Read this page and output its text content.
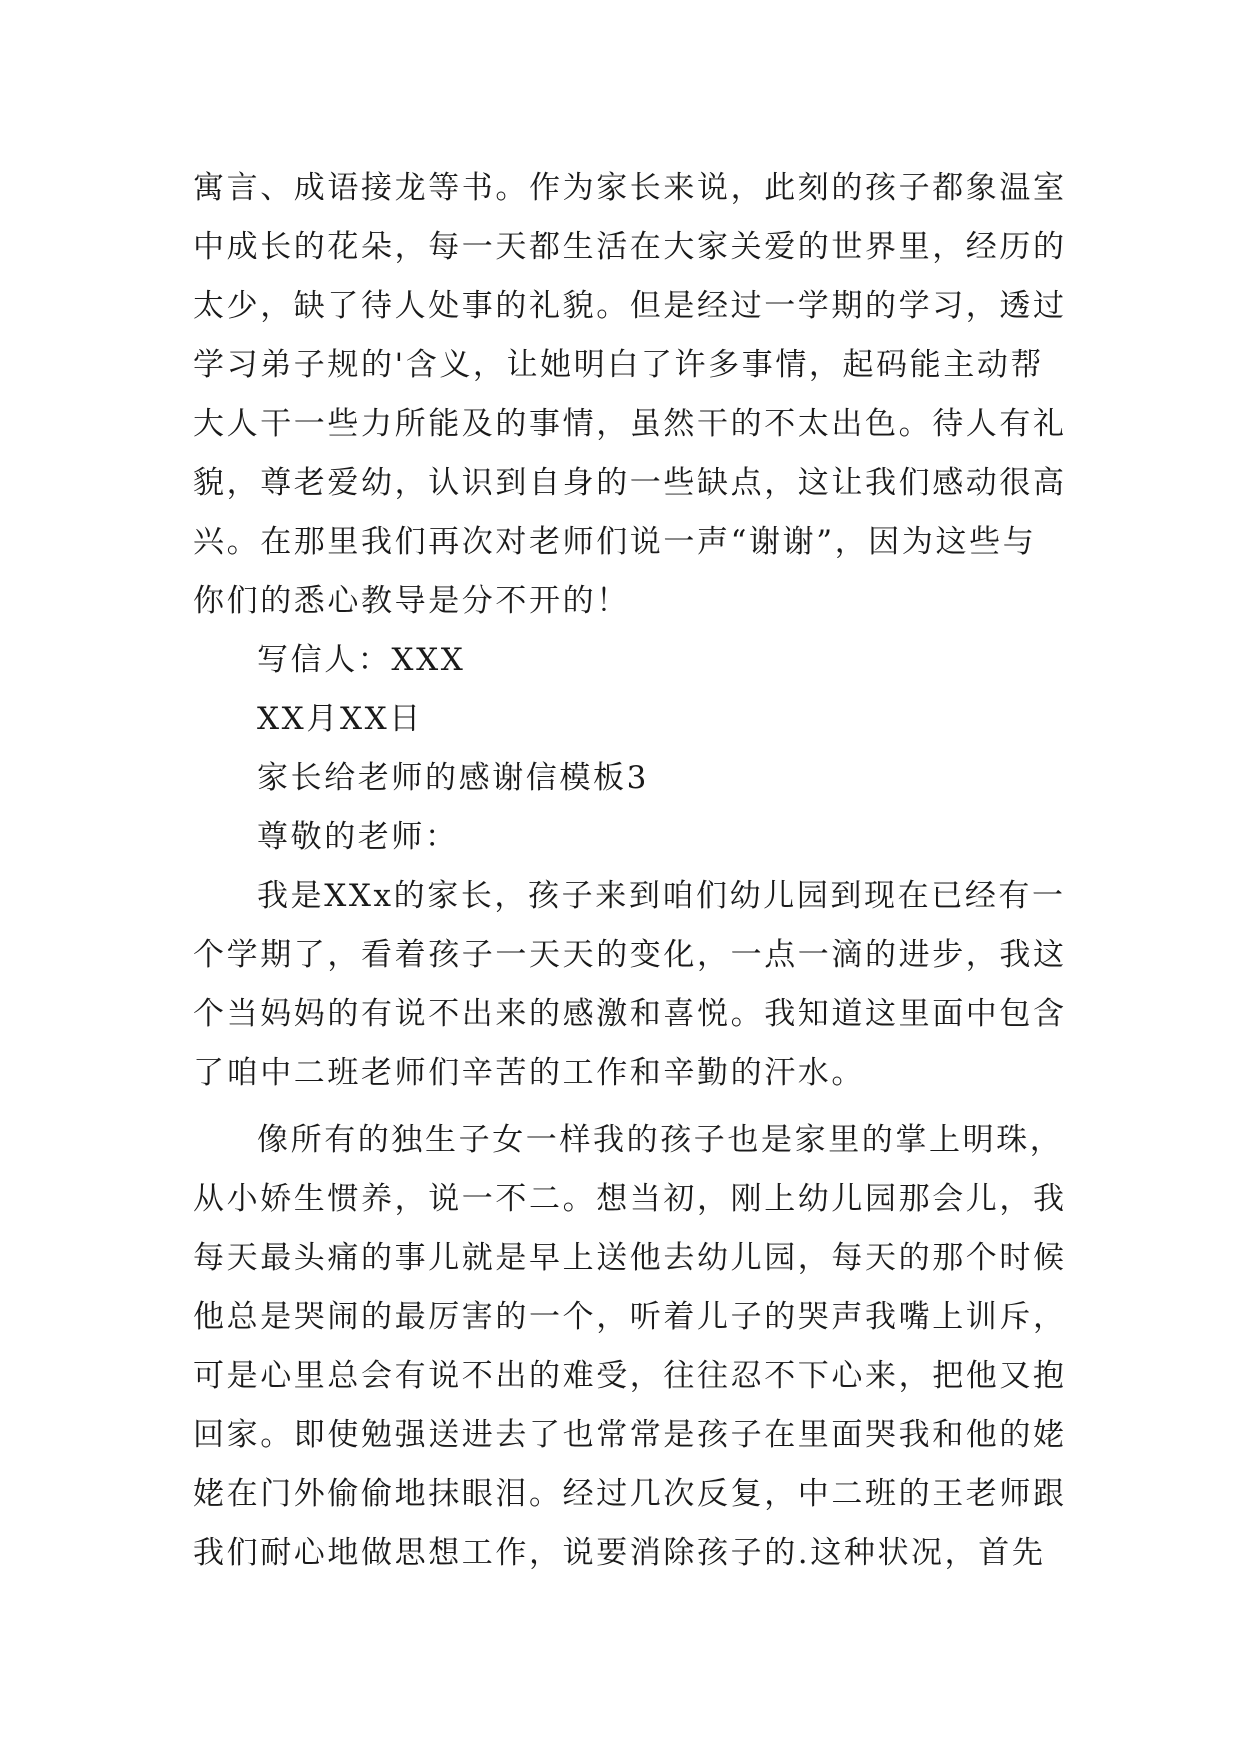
寓言、成语接龙等书。作为家长来说，此刻的孩子都象温室
中成长的花朵，每一天都生活在大家关爱的世界里，经历的
太少，缺了待人处事的礼貌。但是经过一学期的学习，透过
学习弟子规的'含义，让她明白了许多事情，起码能主动帮
大人干一些力所能及的事情，虽然干的不太出色。待人有礼
貌，尊老爱幼，认识到自身的一些缺点，这让我们感动很高
兴。在那里我们再次对老师们说一声“谢谢”，因为这些与
你们的悉心教导是分不开的！
写信人：XXX
XX月XX日
家长给老师的感谢信模板3
尊敬的老师：
我是XXx的家长，孩子来到咱们幼儿园到现在已经有一
个学期了，看着孩子一天天的变化，一点一滴的进步，我这
个当妈妈的有说不出来的感激和喜悦。我知道这里面中包含
了咱中二班老师们辛苦的工作和辛勤的汗水。
像所有的独生子女一样我的孩子也是家里的掌上明珠，
从小娇生惯养，说一不二。想当初，刚上幼儿园那会儿，我
每天最头痛的事儿就是早上送他去幼儿园，每天的那个时候
他总是哭闹的最厉害的一个，听着儿子的哭声我嘴上训斥，
可是心里总会有说不出的难受，往往忍不下心来，把他又抱
回家。即使勉强送进去了也常常是孩子在里面哭我和他的姥
姥在门外偷偷地抹眼泪。经过几次反复，中二班的王老师跟
我们耐心地做思想工作，说要消除孩子的.这种状况，首先
